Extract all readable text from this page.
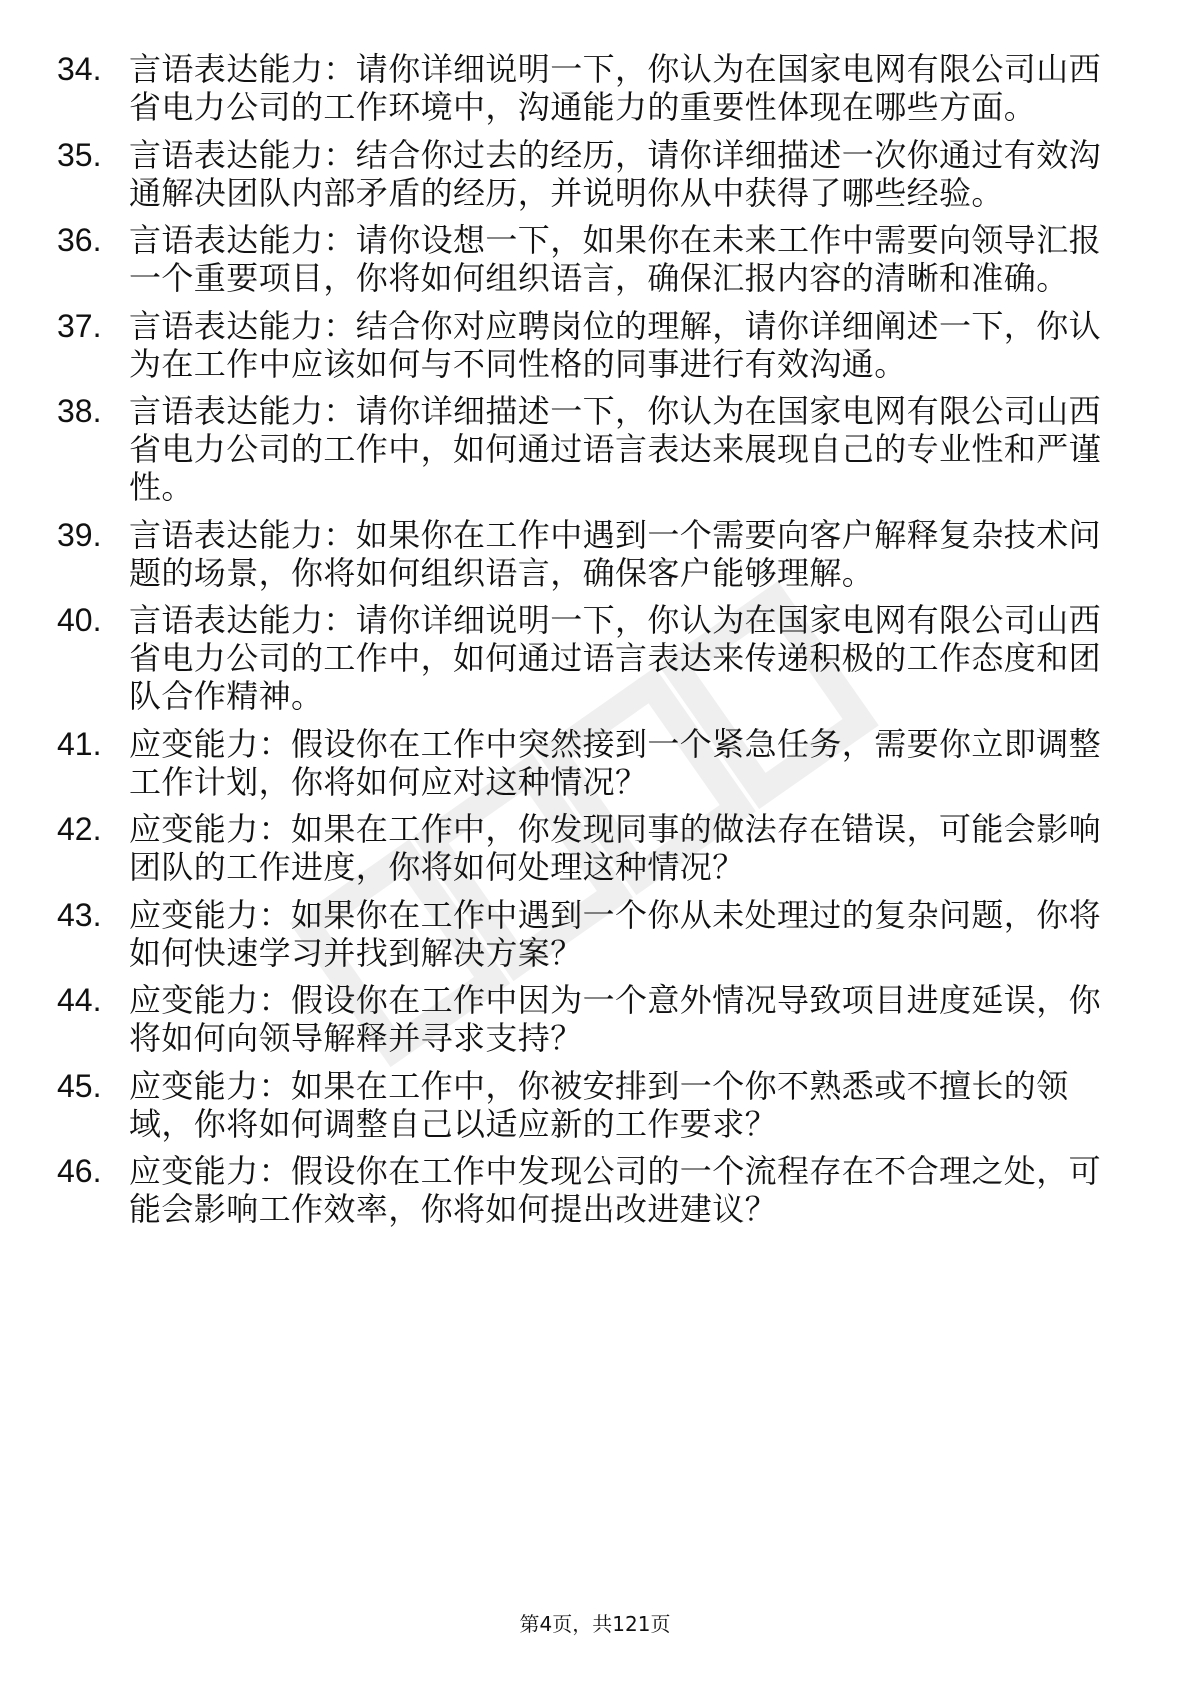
34. 言语表达能力：请你详细说明一下，你认为在国家电网有限公司山西省电力公司的工作环境中，沟通能力的重要性体现在哪些方面。
35. 言语表达能力：结合你过去的经历，请你详细描述一次你通过有效沟通解决团队内部矛盾的经历，并说明你从中获得了哪些经验。
36. 言语表达能力：请你设想一下，如果你在未来工作中需要向领导汇报一个重要项目，你将如何组织语言，确保汇报内容的清晰和准确。
37. 言语表达能力：结合你对应聘岗位的理解，请你详细阐述一下，你认为在工作中应该如何与不同性格的同事进行有效沟通。
38. 言语表达能力：请你详细描述一下，你认为在国家电网有限公司山西省电力公司的工作中，如何通过语言表达来展现自己的专业性和严谨性。
39. 言语表达能力：如果你在工作中遇到一个需要向客户解释复杂技术问题的场景，你将如何组织语言，确保客户能够理解。
40. 言语表达能力：请你详细说明一下，你认为在国家电网有限公司山西省电力公司的工作中，如何通过语言表达来传递积极的工作态度和团队合作精神。
41. 应变能力：假设你在工作中突然接到一个紧急任务，需要你立即调整工作计划，你将如何应对这种情况？
42. 应变能力：如果在工作中，你发现同事的做法存在错误，可能会影响团队的工作进度，你将如何处理这种情况？
43. 应变能力：如果你在工作中遇到一个你从未处理过的复杂问题，你将如何快速学习并找到解决方案？
44. 应变能力：假设你在工作中因为一个意外情况导致项目进度延误，你将如何向领导解释并寻求支持？
45. 应变能力：如果在工作中，你被安排到一个你不熟悉或不擅长的领域，你将如何调整自己以适应新的工作要求？
46. 应变能力：假设你在工作中发现公司的一个流程存在不合理之处，可能会影响工作效率，你将如何提出改进建议？
第4页，共121页
